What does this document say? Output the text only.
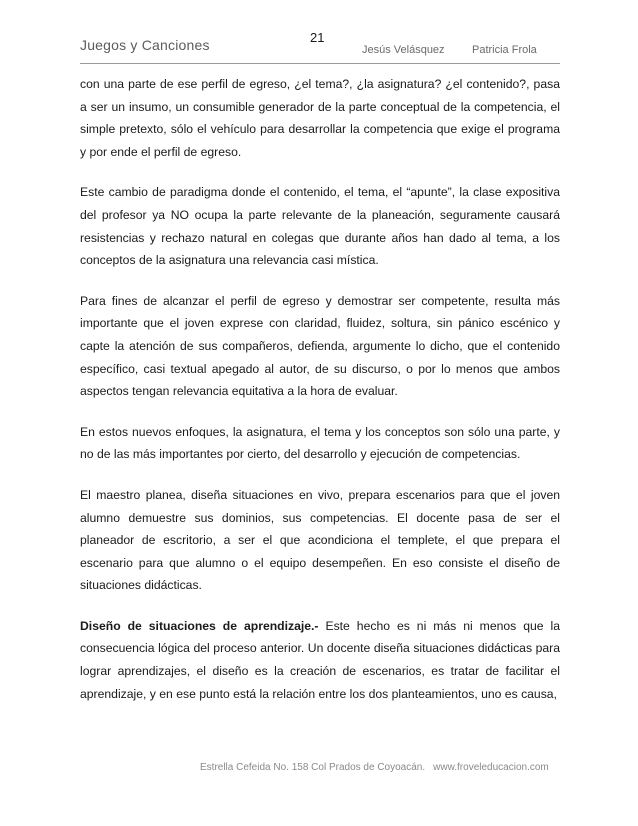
Juegos y Canciones	21
Jesús Velásquez Patricia Frola

con una parte de ese perfil de egreso, ¿el tema?, ¿la asignatura? ¿el contenido?, pasa a ser un insumo, un consumible generador de la parte conceptual de la competencia, el simple pretexto, sólo el vehículo para desarrollar la competencia que exige el programa y por ende el perfil de egreso.

Este cambio de paradigma donde el contenido, el tema, el “apunte”, la clase expositiva del profesor ya NO ocupa la parte relevante de la planeación, seguramente causará resistencias y rechazo natural en colegas que durante años han dado al tema, a los conceptos de la asignatura una relevancia casi mística.

Para fines de alcanzar el perfil de egreso y demostrar ser competente, resulta más importante que el joven exprese con claridad, fluidez, soltura, sin pánico escénico y capte la atención de sus compañeros, defienda, argumente lo dicho, que el contenido específico, casi textual apegado al autor, de su discurso, o por lo menos que ambos aspectos tengan relevancia equitativa a la hora de evaluar.

En estos nuevos enfoques, la asignatura, el tema y los conceptos son sólo una parte, y no de las más importantes por cierto, del desarrollo y ejecución de competencias.

El maestro planea, diseña situaciones en vivo, prepara escenarios para que el joven alumno demuestre sus dominios, sus competencias. El docente pasa de ser el planeador de escritorio, a ser el que acondiciona el templete, el que prepara el escenario para que alumno o el equipo desempeñen. En eso consiste el diseño de situaciones didácticas.

Diseño de situaciones de aprendizaje.- Este hecho es ni más ni menos que la consecuencia lógica del proceso anterior. Un docente diseña situaciones didácticas para lograr aprendizajes, el diseño es la creación de escenarios, es tratar de facilitar el aprendizaje, y en ese punto está la relación entre los dos planteamientos, uno es causa,

Estrella Cefeida No. 158 Col Prados de Coyoacán. www.froveleducacion.com
